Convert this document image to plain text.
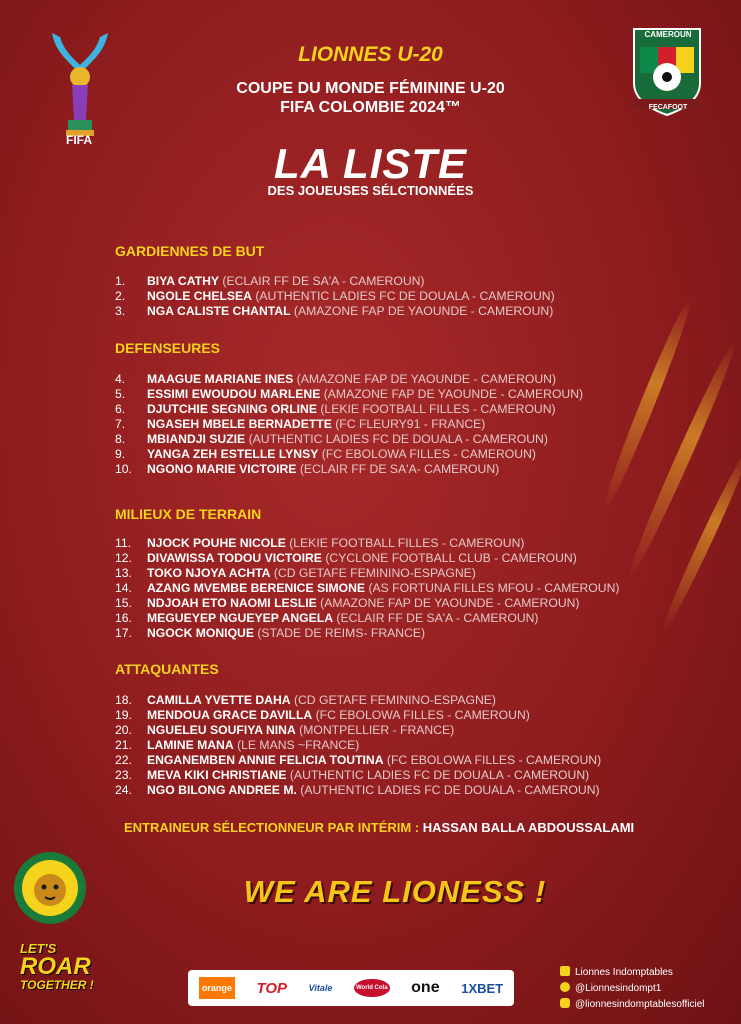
FIFA
CAMEROUN
FECAFOOT
LIONNES U-20
COUPE DU MONDE FÉMININE U-20
FIFA COLOMBIE 2024™
LA LISTE
DES JOUEUSES SÉLCTIONNÉES
GARDIENNES DE BUT
1. BIYA CATHY (ECLAIR FF DE SA'A - CAMEROUN)
2. NGOLE CHELSEA (AUTHENTIC LADIES FC DE DOUALA - CAMEROUN)
3. NGA CALISTE CHANTAL (AMAZONE FAP DE YAOUNDE - CAMEROUN)
DEFENSEURES
4. MAAGUE MARIANE INES (AMAZONE FAP DE YAOUNDE - CAMEROUN)
5. ESSIMI EWOUDOU MARLENE (AMAZONE FAP DE YAOUNDE - CAMEROUN)
6. DJUTCHIE SEGNING ORLINE (LEKIE FOOTBALL FILLES - CAMEROUN)
7. NGASEH MBELE BERNADETTE (FC FLEURY91 - FRANCE)
8. MBIANDJI SUZIE (AUTHENTIC LADIES FC DE DOUALA - CAMEROUN)
9. YANGA ZEH ESTELLE LYNSY (FC EBOLOWA FILLES - CAMEROUN)
10. NGONO MARIE VICTOIRE (ECLAIR FF DE SA'A- CAMEROUN)
MILIEUX DE TERRAIN
11. NJOCK POUHE NICOLE (LEKIE FOOTBALL FILLES - CAMEROUN)
12. DIVAWISSA TODOU VICTOIRE (CYCLONE FOOTBALL CLUB - CAMEROUN)
13. TOKO NJOYA ACHTA (CD GETAFE FEMININO-ESPAGNE)
14. AZANG MVEMBE BERENICE SIMONE (AS FORTUNA FILLES MFOU - CAMEROUN)
15. NDJOAH ETO NAOMI LESLIE (AMAZONE FAP DE YAOUNDE - CAMEROUN)
16. MEGUEYEP NGUEYEP ANGELA (ECLAIR FF DE SA'A - CAMEROUN)
17. NGOCK MONIQUE (STADE DE REIMS- FRANCE)
ATTAQUANTES
18. CAMILLA YVETTE DAHA (CD GETAFE FEMININO-ESPAGNE)
19. MENDOUA GRACE DAVILLA (FC EBOLOWA FILLES - CAMEROUN)
20. NGUELEU SOUFIYA NINA (MONTPELLIER - FRANCE)
21. LAMINE MANA (LE MANS ~FRANCE)
22. ENGANEMBEN ANNIE FELICIA TOUTINA (FC EBOLOWA FILLES - CAMEROUN)
23. MEVA KIKI CHRISTIANE (AUTHENTIC LADIES FC DE DOUALA - CAMEROUN)
24. NGO BILONG ANDREE M. (AUTHENTIC LADIES FC DE DOUALA - CAMEROUN)
ENTRAINEUR SÉLECTIONNEUR PAR INTÉRIM : HASSAN BALLA ABDOUSSALAMI
WE ARE LIONESS !
LET'S
ROAR
TOGETHER !	orange TOP Vitale	World Cola one 1XBET
Lionnes Indomptables
@Lionnesindompt1
@lionnesindomptablesofficiel
